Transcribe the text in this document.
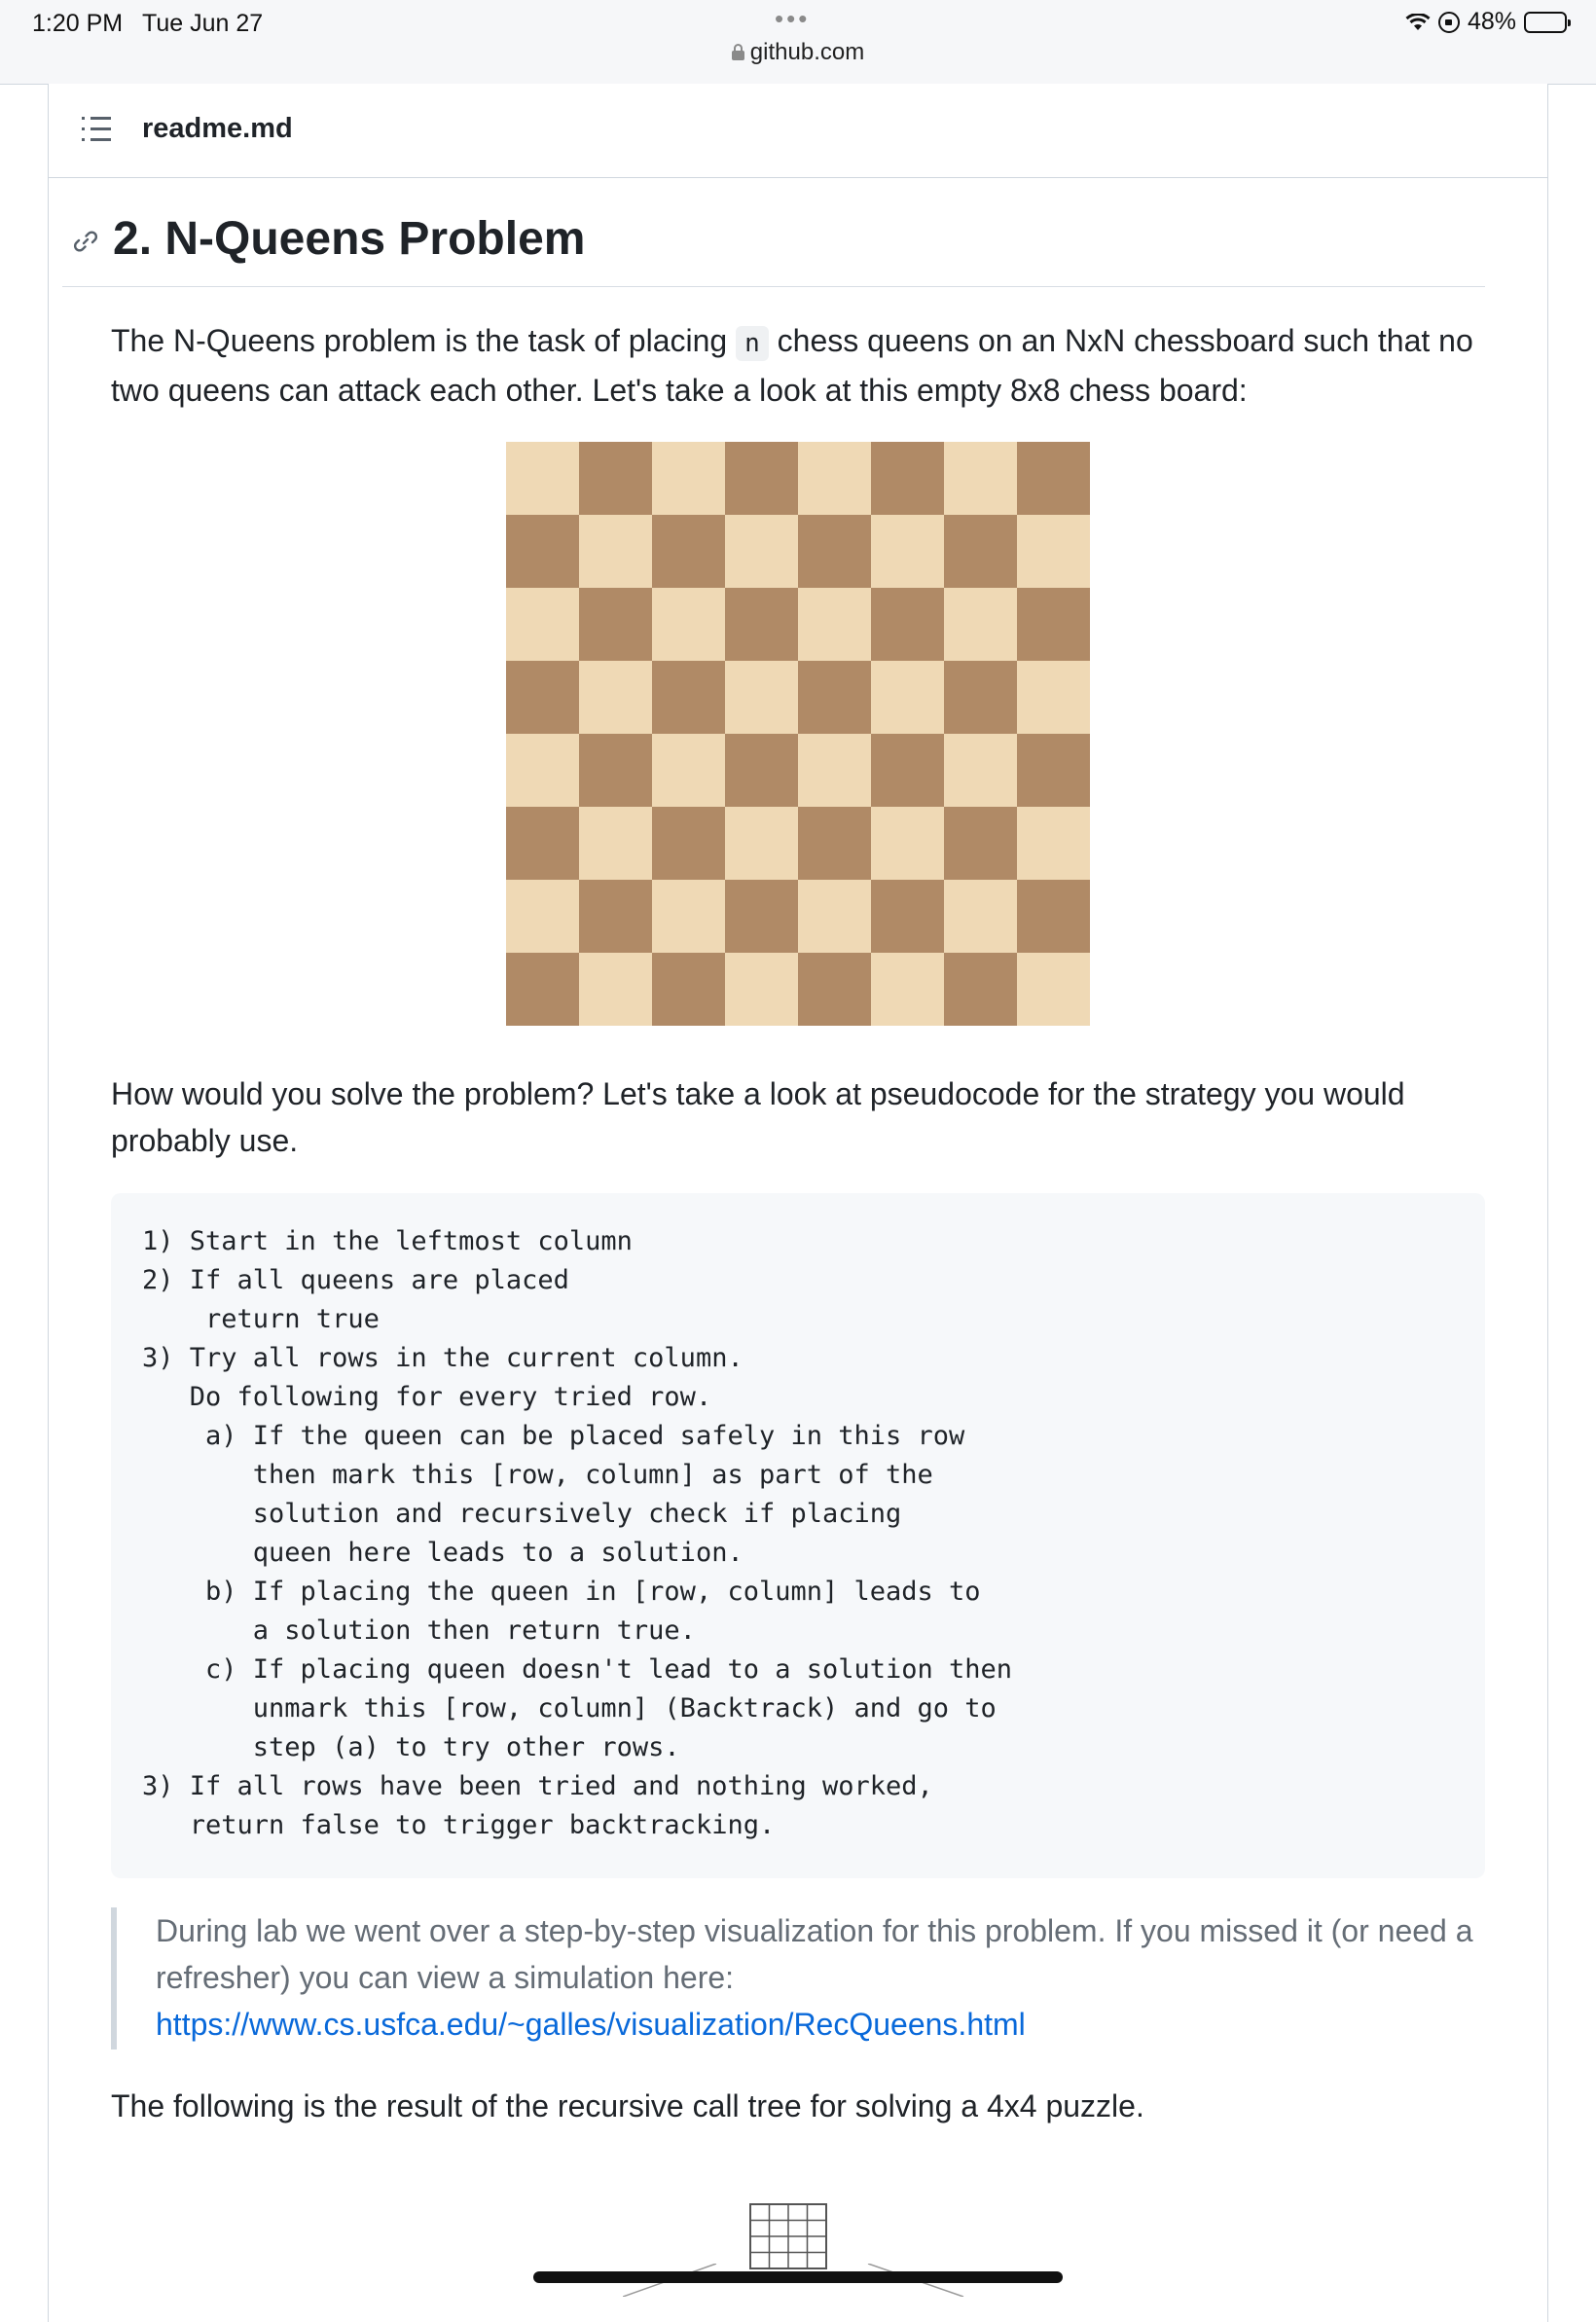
1:20 PM Tue Jun 27	•••
github.com
48%
readme.md
2. N-Queens Problem
The N-Queens problem is the task of placing n chess queens on an NxN chessboard such that no two queens can attack each other. Let's take a look at this empty 8x8 chess board:
How would you solve the problem? Let's take a look at pseudocode for the strategy you would probably use.
1) Start in the leftmost column
2) If all queens are placed
return true
3) Try all rows in the current column.
Do following for every tried row.
a) If the queen can be placed safely in this row
then mark this [row, column] as part of the
solution and recursively check if placing
queen here leads to a solution.
b) If placing the queen in [row, column] leads to
a solution then return true.
c) If placing queen doesn't lead to a solution then
unmark this [row, column] (Backtrack) and go to
step (a) to try other rows.
3) If all rows have been tried and nothing worked,
return false to trigger backtracking.

During lab we went over a step-by-step visualization for this problem. If you missed it (or need a refresher) you can view a simulation here:
https://www.cs.usfca.edu/~galles/visualization/RecQueens.html
The following is the result of the recursive call tree for solving a 4x4 puzzle.
